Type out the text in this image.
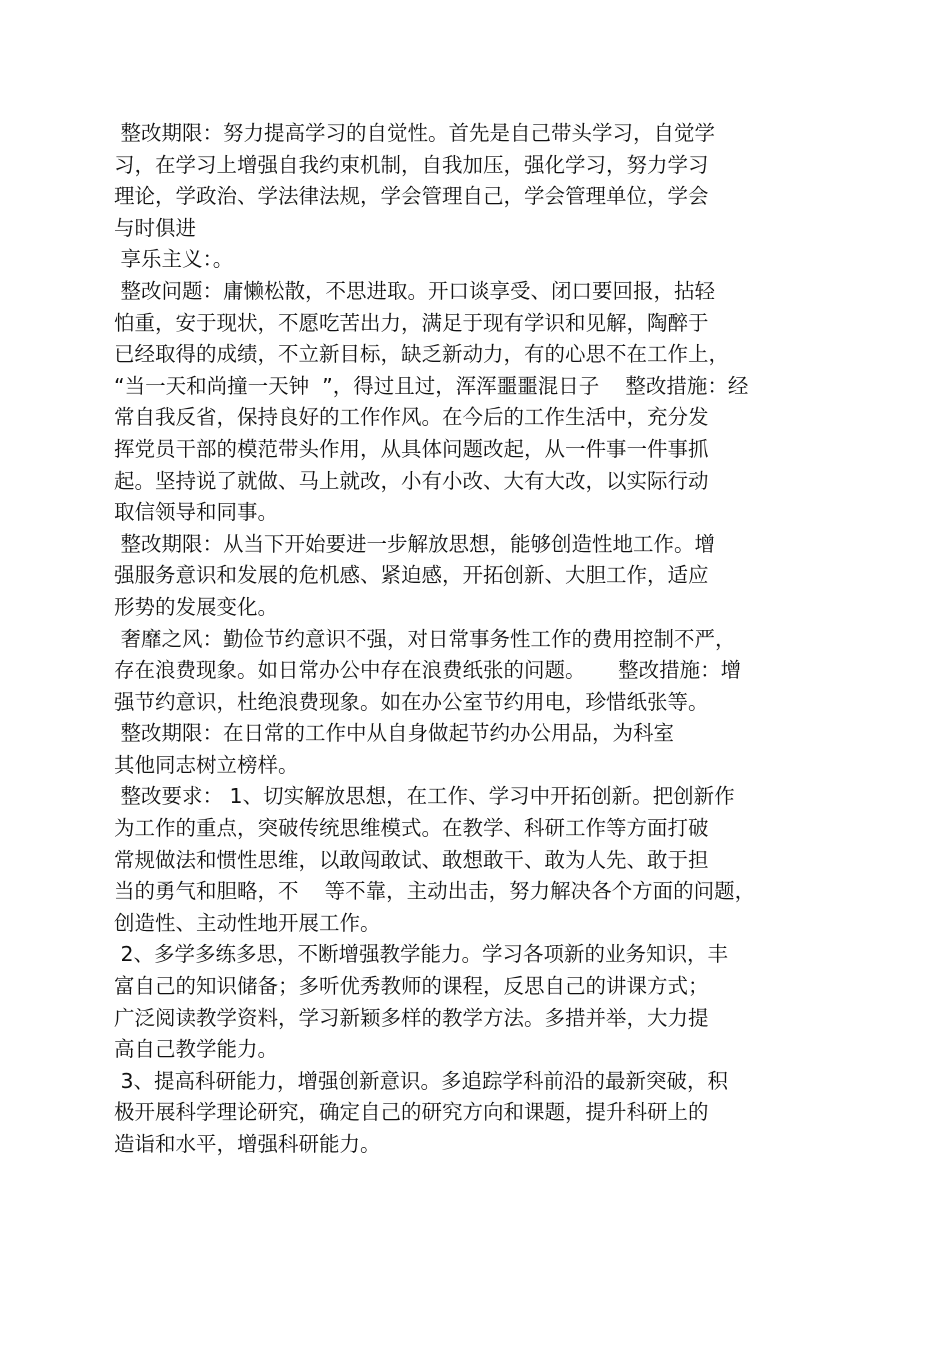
整改期限：努力提高学习的自觉性。首先是自己带头学习，自觉学
习，在学习上增强自我约束机制，自我加压，强化学习，努力学习
理论，学政治、学法律法规，学会管理自己，学会管理单位，学会
与时俱进
享乐主义：。
整改问题：庸懒松散，不思进取。开口谈享受、闭口要回报，拈轻
怕重，安于现状，不愿吃苦出力，满足于现有学识和见解，陶醉于
已经取得的成绩，不立新目标，缺乏新动力，有的心思不在工作上，
“当一天和尚撞一天钟  ”，得过且过，浑浑噩噩混日子    整改措施：经
常自我反省，保持良好的工作作风。在今后的工作生活中，充分发
挥党员干部的模范带头作用，从具体问题改起，从一件事一件事抓
起。坚持说了就做、马上就改，小有小改、大有大改，以实际行动
取信领导和同事。
整改期限：从当下开始要进一步解放思想，能够创造性地工作。增
强服务意识和发展的危机感、紧迫感，开拓创新、大胆工作，适应
形势的发展变化。
奢靡之风：勤俭节约意识不强，对日常事务性工作的费用控制不严，
存在浪费现象。如日常办公中存在浪费纸张的问题。     整改措施：增
强节约意识，杜绝浪费现象。如在办公室节约用电，珍惜纸张等。
整改期限：在日常的工作中从自身做起节约办公用品，为科室
其他同志树立榜样。
整改要求： 1、切实解放思想，在工作、学习中开拓创新。把创新作
为工作的重点，突破传统思维模式。在教学、科研工作等方面打破
常规做法和惯性思维，以敢闯敢试、敢想敢干、敢为人先、敢于担
当的勇气和胆略，不    等不靠，主动出击，努力解决各个方面的问题，
创造性、主动性地开展工作。
2、多学多练多思，不断增强教学能力。学习各项新的业务知识，丰
富自己的知识储备；多听优秀教师的课程，反思自己的讲课方式；
广泛阅读教学资料，学习新颖多样的教学方法。多措并举，大力提
高自己教学能力。
3、提高科研能力，增强创新意识。多追踪学科前沿的最新突破，积
极开展科学理论研究，确定自己的研究方向和课题，提升科研上的
造诣和水平，增强科研能力。
